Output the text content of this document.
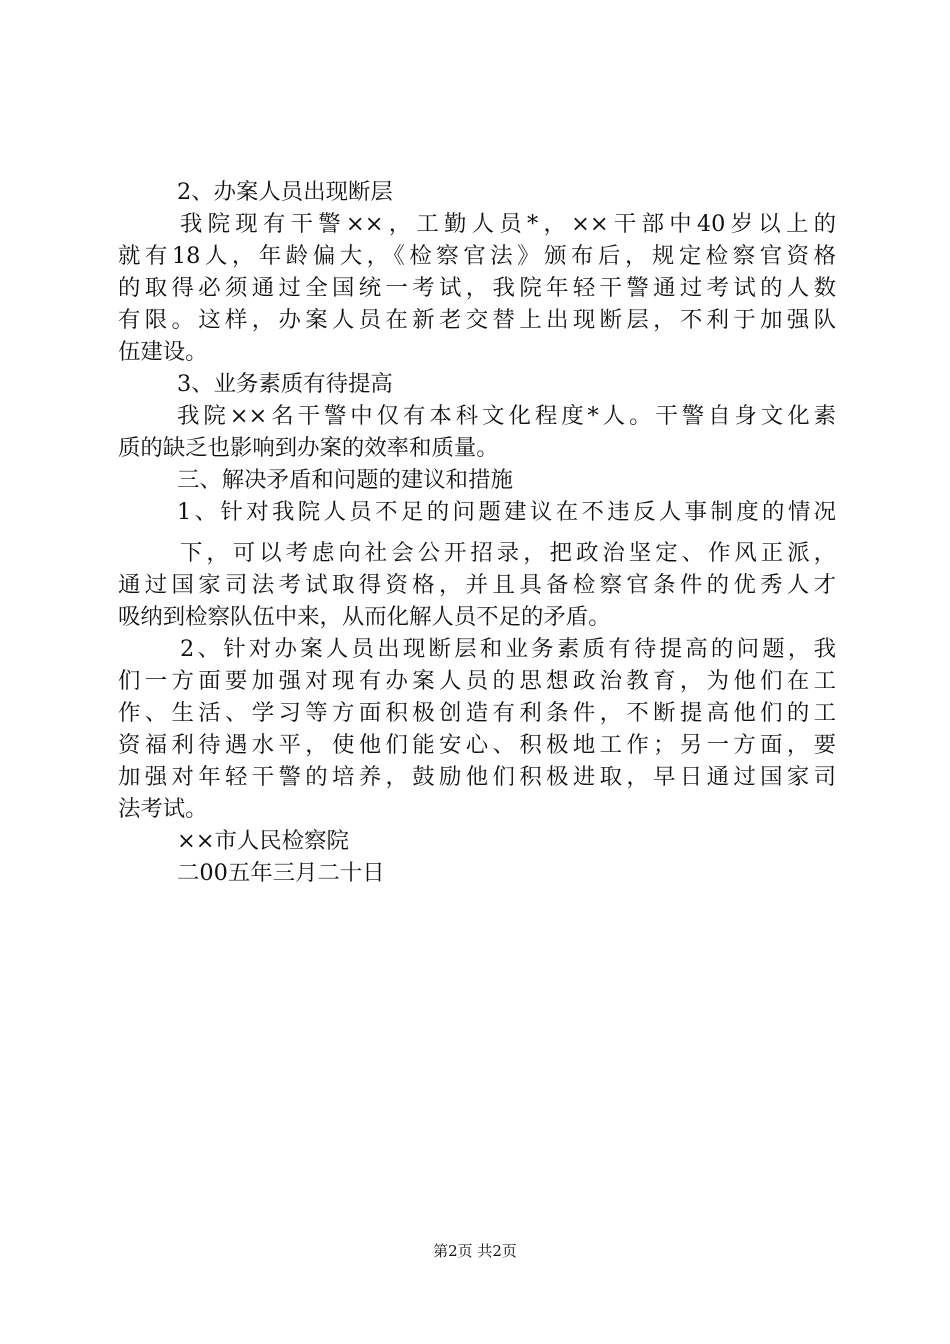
2、办案人员出现断层
我院现有干警××，工勤人员*，××干部中40岁以上的
就有18人，年龄偏大，《检察官法》颁布后，规定检察官资格
的取得必须通过全国统一考试，我院年轻干警通过考试的人数
有限。这样，办案人员在新老交替上出现断层，不利于加强队
伍建设。
3、业务素质有待提高
我院××名干警中仅有本科文化程度*人。干警自身文化素
质的缺乏也影响到办案的效率和质量。
三、解决矛盾和问题的建议和措施
1、针对我院人员不足的问题建议在不违反人事制度的情况
下，可以考虑向社会公开招录，把政治坚定、作风正派，
通过国家司法考试取得资格，并且具备检察官条件的优秀人才
吸纳到检察队伍中来，从而化解人员不足的矛盾。
2、针对办案人员出现断层和业务素质有待提高的问题，我
们一方面要加强对现有办案人员的思想政治教育，为他们在工
作、生活、学习等方面积极创造有利条件，不断提高他们的工
资福利待遇水平，使他们能安心、积极地工作；另一方面，要
加强对年轻干警的培养，鼓励他们积极进取，早日通过国家司
法考试。
××市人民检察院
二00五年三月二十日
第2页 共2页
